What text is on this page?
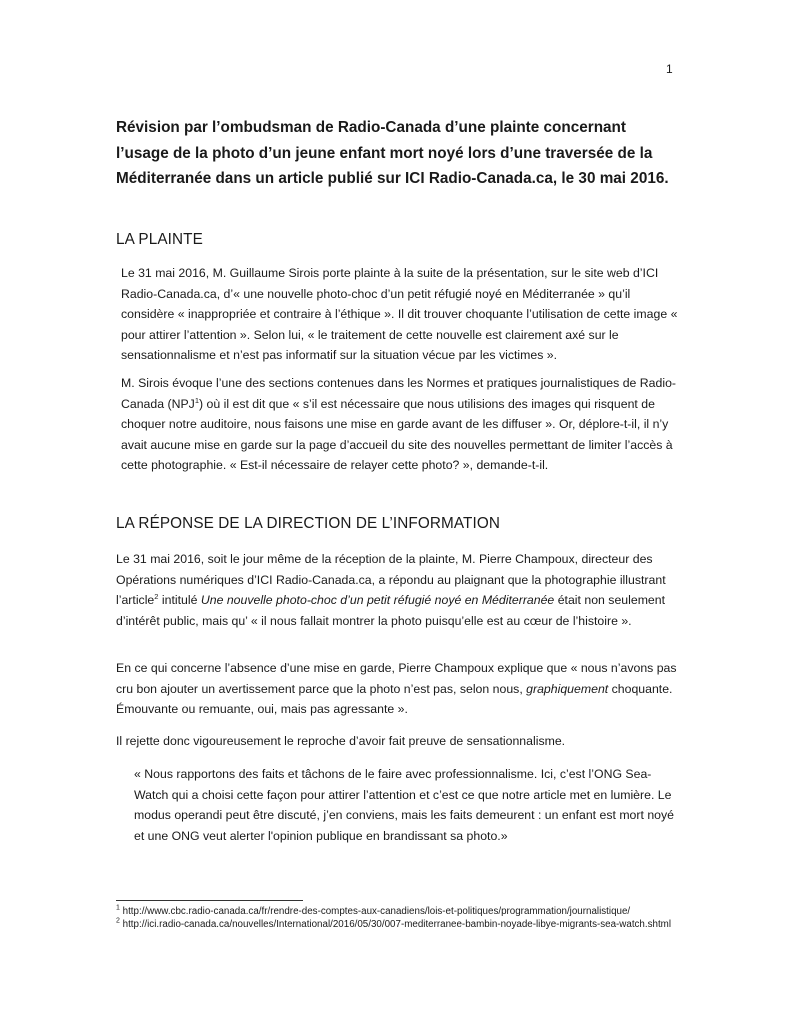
1
Révision par l’ombudsman de Radio-Canada d’une plainte concernant l’usage de la photo d’un jeune enfant mort noyé lors d’une traversée de la Méditerranée dans un article publié sur ICI Radio-Canada.ca, le 30 mai 2016.
LA PLAINTE

Le 31 mai 2016, M. Guillaume Sirois porte plainte à la suite de la présentation, sur le site web d’ICI Radio-Canada.ca, d’« une nouvelle photo-choc d’un petit réfugié noyé en Méditerranée » qu’il considère « inappropriée et contraire à l’éthique ». Il dit trouver choquante l’utilisation de cette image « pour attirer l’attention ». Selon lui, « le traitement de cette nouvelle est clairement axé sur le sensationnalisme et n’est pas informatif sur la situation vécue par les victimes ».

M. Sirois évoque l’une des sections contenues dans les Normes et pratiques journalistiques de Radio-Canada (NPJ$^1$) où il est dit que « s’il est nécessaire que nous utilisions des images qui risquent de choquer notre auditoire, nous faisons une mise en garde avant de les diffuser ». Or, déplore-t-il, il n’y avait aucune mise en garde sur la page d’accueil du site des nouvelles permettant de limiter l’accès à cette photographie. « Est-il nécessaire de relayer cette photo? », demande-t-il.

LA RÉPONSE DE LA DIRECTION DE L’INFORMATION

Le 31 mai 2016, soit le jour même de la réception de la plainte, M. Pierre Champoux, directeur des Opérations numériques d’ICI Radio-Canada.ca, a répondu au plaignant que la photographie illustrant l’article$^2$ intitulé Une nouvelle photo-choc d’un petit réfugié noyé en Méditerranée était non seulement d’intérêt public, mais qu’ « il nous fallait montrer la photo puisqu’elle est au cœur de l’histoire ».

En ce qui concerne l’absence d’une mise en garde, Pierre Champoux explique que « nous n’avons pas cru bon ajouter un avertissement parce que la photo n’est pas, selon nous, graphiquement choquante. Émouvante ou remuante, oui, mais pas agressante ».

Il rejette donc vigoureusement le reproche d’avoir fait preuve de sensationnalisme.

« Nous rapportons des faits et tâchons de le faire avec professionnalisme. Ici, c’est l’ONG Sea-Watch qui a choisi cette façon pour attirer l’attention et c’est ce que notre article met en lumière. Le modus operandi peut être discuté, j’en conviens, mais les faits demeurent : un enfant est mort noyé et une ONG veut alerter l'opinion publique en brandissant sa photo.»

$^1$ http://www.cbc.radio-canada.ca/fr/rendre-des-comptes-aux-canadiens/lois-et-politiques/programmation/journalistique/

$^2$ http://ici.radio-canada.ca/nouvelles/International/2016/05/30/007-mediterranee-bambin-noyade-libye-migrants-sea-watch.shtml
